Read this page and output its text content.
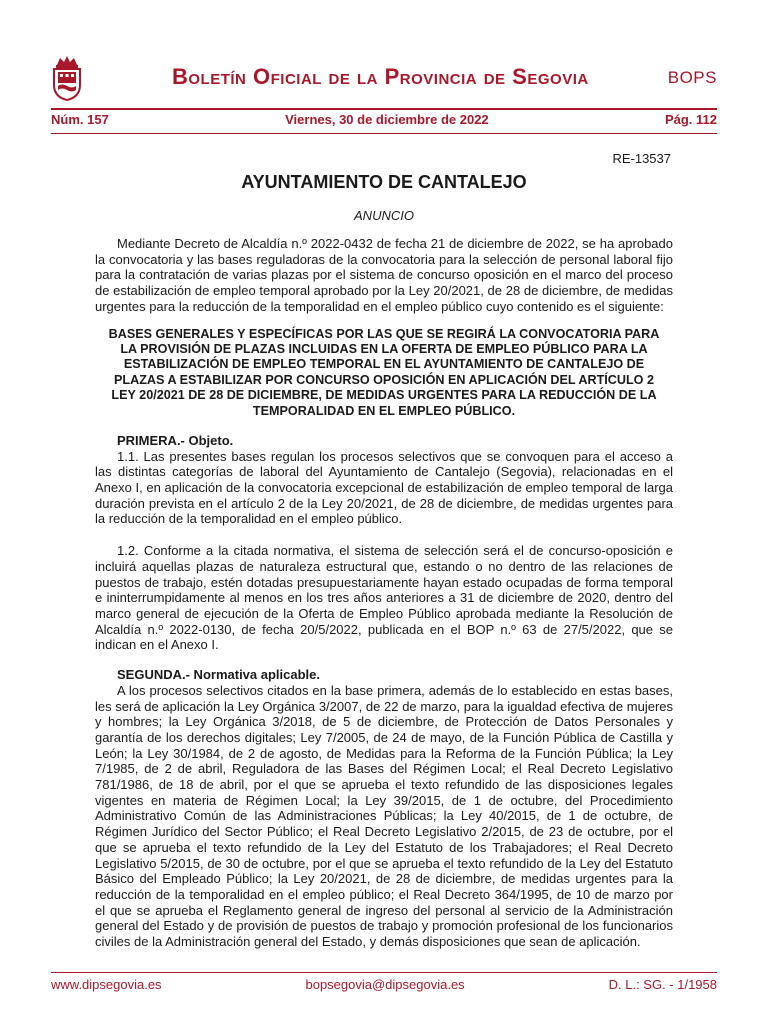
Boletín Oficial de la Provincia de Segovia	BOPS
Núm. 157	Viernes, 30 de diciembre de 2022	Pág. 112
RE-13537
AYUNTAMIENTO DE CANTALEJO
ANUNCIO

Mediante Decreto de Alcaldía n.º 2022-0432 de fecha 21 de diciembre de 2022, se ha aprobado la convocatoria y las bases reguladoras de la convocatoria para la selección de personal laboral fijo para la contratación de varias plazas por el sistema de concurso oposición en el marco del proceso de estabilización de empleo temporal aprobado por la Ley 20/2021, de 28 de diciembre, de medidas urgentes para la reducción de la temporalidad en el empleo público cuyo contenido es el siguiente:

BASES GENERALES Y ESPECÍFICAS POR LAS QUE SE REGIRÁ LA CONVOCATORIA PARA LA PROVISIÓN DE PLAZAS INCLUIDAS EN LA OFERTA DE EMPLEO PÚBLICO PARA LA ESTABILIZACIÓN DE EMPLEO TEMPORAL EN EL AYUNTAMIENTO DE CANTALEJO DE PLAZAS A ESTABILIZAR POR CONCURSO OPOSICIÓN EN APLICACIÓN DEL ARTÍCULO 2 LEY 20/2021 DE 28 DE DICIEMBRE, DE MEDIDAS URGENTES PARA LA REDUCCIÓN DE LA TEMPORALIDAD EN EL EMPLEO PÚBLICO.

PRIMERA.- Objeto.

1.1. Las presentes bases regulan los procesos selectivos que se convoquen para el acceso a las distintas categorías de laboral del Ayuntamiento de Cantalejo (Segovia), relacionadas en el Anexo I, en aplicación de la convocatoria excepcional de estabilización de empleo temporal de larga duración prevista en el artículo 2 de la Ley 20/2021, de 28 de diciembre, de medidas urgentes para la reducción de la temporalidad en el empleo público.

1.2. Conforme a la citada normativa, el sistema de selección será el de concurso-oposición e incluirá aquellas plazas de naturaleza estructural que, estando o no dentro de las relaciones de puestos de trabajo, estén dotadas presupuestariamente hayan estado ocupadas de forma temporal e ininterrumpidamente al menos en los tres años anteriores a 31 de diciembre de 2020, dentro del marco general de ejecución de la Oferta de Empleo Público aprobada mediante la Resolución de Alcaldía n.º 2022-0130, de fecha 20/5/2022, publicada en el BOP n.º 63 de 27/5/2022, que se indican en el Anexo I.

SEGUNDA.- Normativa aplicable.

A los procesos selectivos citados en la base primera, además de lo establecido en estas bases, les será de aplicación la Ley Orgánica 3/2007, de 22 de marzo, para la igualdad efectiva de mujeres y hombres; la Ley Orgánica 3/2018, de 5 de diciembre, de Protección de Datos Personales y garantía de los derechos digitales; Ley 7/2005, de 24 de mayo, de la Función Pública de Castilla y León; la Ley 30/1984, de 2 de agosto, de Medidas para la Reforma de la Función Pública; la Ley 7/1985, de 2 de abril, Reguladora de las Bases del Régimen Local; el Real Decreto Legislativo 781/1986, de 18 de abril, por el que se aprueba el texto refundido de las disposiciones legales vigentes en materia de Régimen Local; la Ley 39/2015, de 1 de octubre, del Procedimiento Administrativo Común de las Administraciones Públicas; la Ley 40/2015, de 1 de octubre, de Régimen Jurídico del Sector Público; el Real Decreto Legislativo 2/2015, de 23 de octubre, por el que se aprueba el texto refundido de la Ley del Estatuto de los Trabajadores; el Real Decreto Legislativo 5/2015, de 30 de octubre, por el que se aprueba el texto refundido de la Ley del Estatuto Básico del Empleado Público; la Ley 20/2021, de 28 de diciembre, de medidas urgentes para la reducción de la temporalidad en el empleo público; el Real Decreto 364/1995, de 10 de marzo por el que se aprueba el Reglamento general de ingreso del personal al servicio de la Administración general del Estado y de provisión de puestos de trabajo y promoción profesional de los funcionarios civiles de la Administración general del Estado, y demás disposiciones que sean de aplicación.

www.dipsegovia.es	bopsegovia@dipsegovia.es	D. L.: SG. - 1/1958
